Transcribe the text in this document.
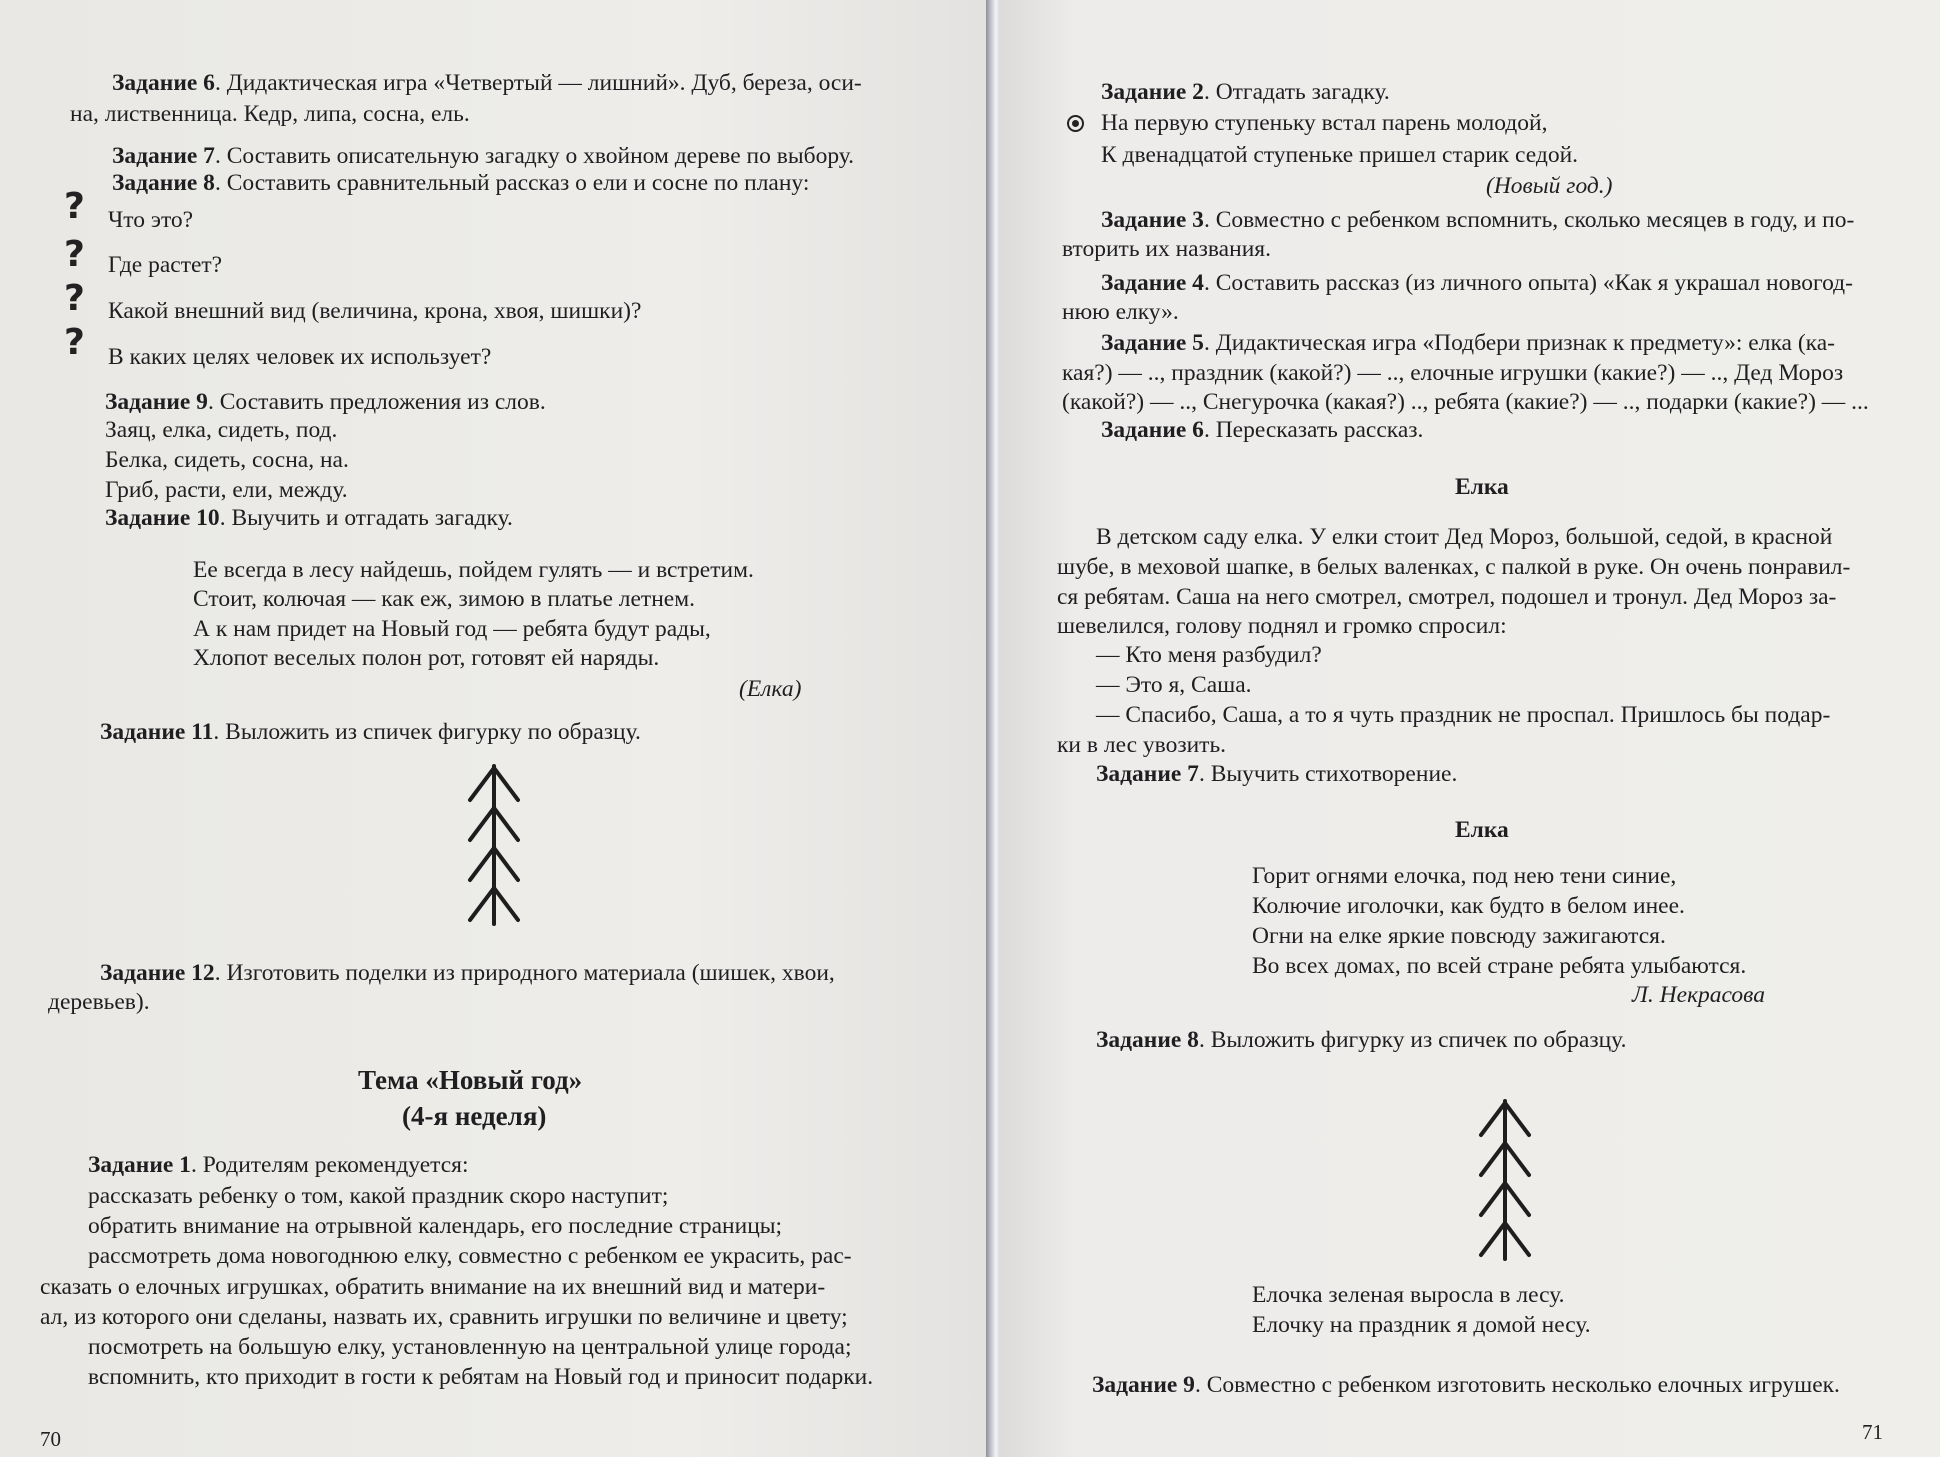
Задание 6. Дидактическая игра «Четвертый — лишний». Дуб, береза, оси-
на, лиственница. Кедр, липа, сосна, ель.
Задание 7. Составить описательную загадку о хвойном дереве по выбору.
Задание 8. Составить сравнительный рассказ о ели и сосне по плану:
? Что это?
? Где растет?
? Какой внешний вид (величина, крона, хвоя, шишки)?
? В каких целях человек их использует?
Задание 9. Составить предложения из слов.
Заяц, елка, сидеть, под.
Белка, сидеть, сосна, на.
Гриб, расти, ели, между.
Задание 10. Выучить и отгадать загадку.
Ее всегда в лесу найдешь, пойдем гулять — и встретим.
Стоит, колючая — как еж, зимою в платье летнем.
А к нам придет на Новый год — ребята будут рады,
Хлопот веселых полон рот, готовят ей наряды.
(Елка)
Задание 11. Выложить из спичек фигурку по образцу.
Задание 12. Изготовить поделки из природного материала (шишек, хвои,
деревьев).
Тема «Новый год»
(4-я неделя)
Задание 1. Родителям рекомендуется:
рассказать ребенку о том, какой праздник скоро наступит;
обратить внимание на отрывной календарь, его последние страницы;
рассмотреть дома новогоднюю елку, совместно с ребенком ее украсить, рас-
сказать о елочных игрушках, обратить внимание на их внешний вид и матери-
ал, из которого они сделаны, назвать их, сравнить игрушки по величине и цвету;
посмотреть на большую елку, установленную на центральной улице города;
вспомнить, кто приходит в гости к ребятам на Новый год и приносит подарки.
70
Задание 2. Отгадать загадку.
На первую ступеньку встал парень молодой,
К двенадцатой ступеньке пришел старик седой.
(Новый год.)
Задание 3. Совместно с ребенком вспомнить, сколько месяцев в году, и по-
вторить их названия.
Задание 4. Составить рассказ (из личного опыта) «Как я украшал новогод-
нюю елку».
Задание 5. Дидактическая игра «Подбери признак к предмету»: елка (ка-
кая?) — .., праздник (какой?) — .., елочные игрушки (какие?) — .., Дед Мороз
(какой?) — .., Снегурочка (какая?) .., ребята (какие?) — .., подарки (какие?) — ...
Задание 6. Пересказать рассказ.
Елка
В детском саду елка. У елки стоит Дед Мороз, большой, седой, в красной
шубе, в меховой шапке, в белых валенках, с палкой в руке. Он очень понравил-
ся ребятам. Саша на него смотрел, смотрел, подошел и тронул. Дед Мороз за-
шевелился, голову поднял и громко спросил:
— Кто меня разбудил?
— Это я, Саша.
— Спасибо, Саша, а то я чуть праздник не проспал. Пришлось бы подар-
ки в лес увозить.
Задание 7. Выучить стихотворение.
Елка
Горит огнями елочка, под нею тени синие,
Колючие иголочки, как будто в белом инее.
Огни на елке яркие повсюду зажигаются.
Во всех домах, по всей стране ребята улыбаются.
Л. Некрасова
Задание 8. Выложить фигурку из спичек по образцу.
Елочка зеленая выросла в лесу.
Елочку на праздник я домой несу.
Задание 9. Совместно с ребенком изготовить несколько елочных игрушек.
71
